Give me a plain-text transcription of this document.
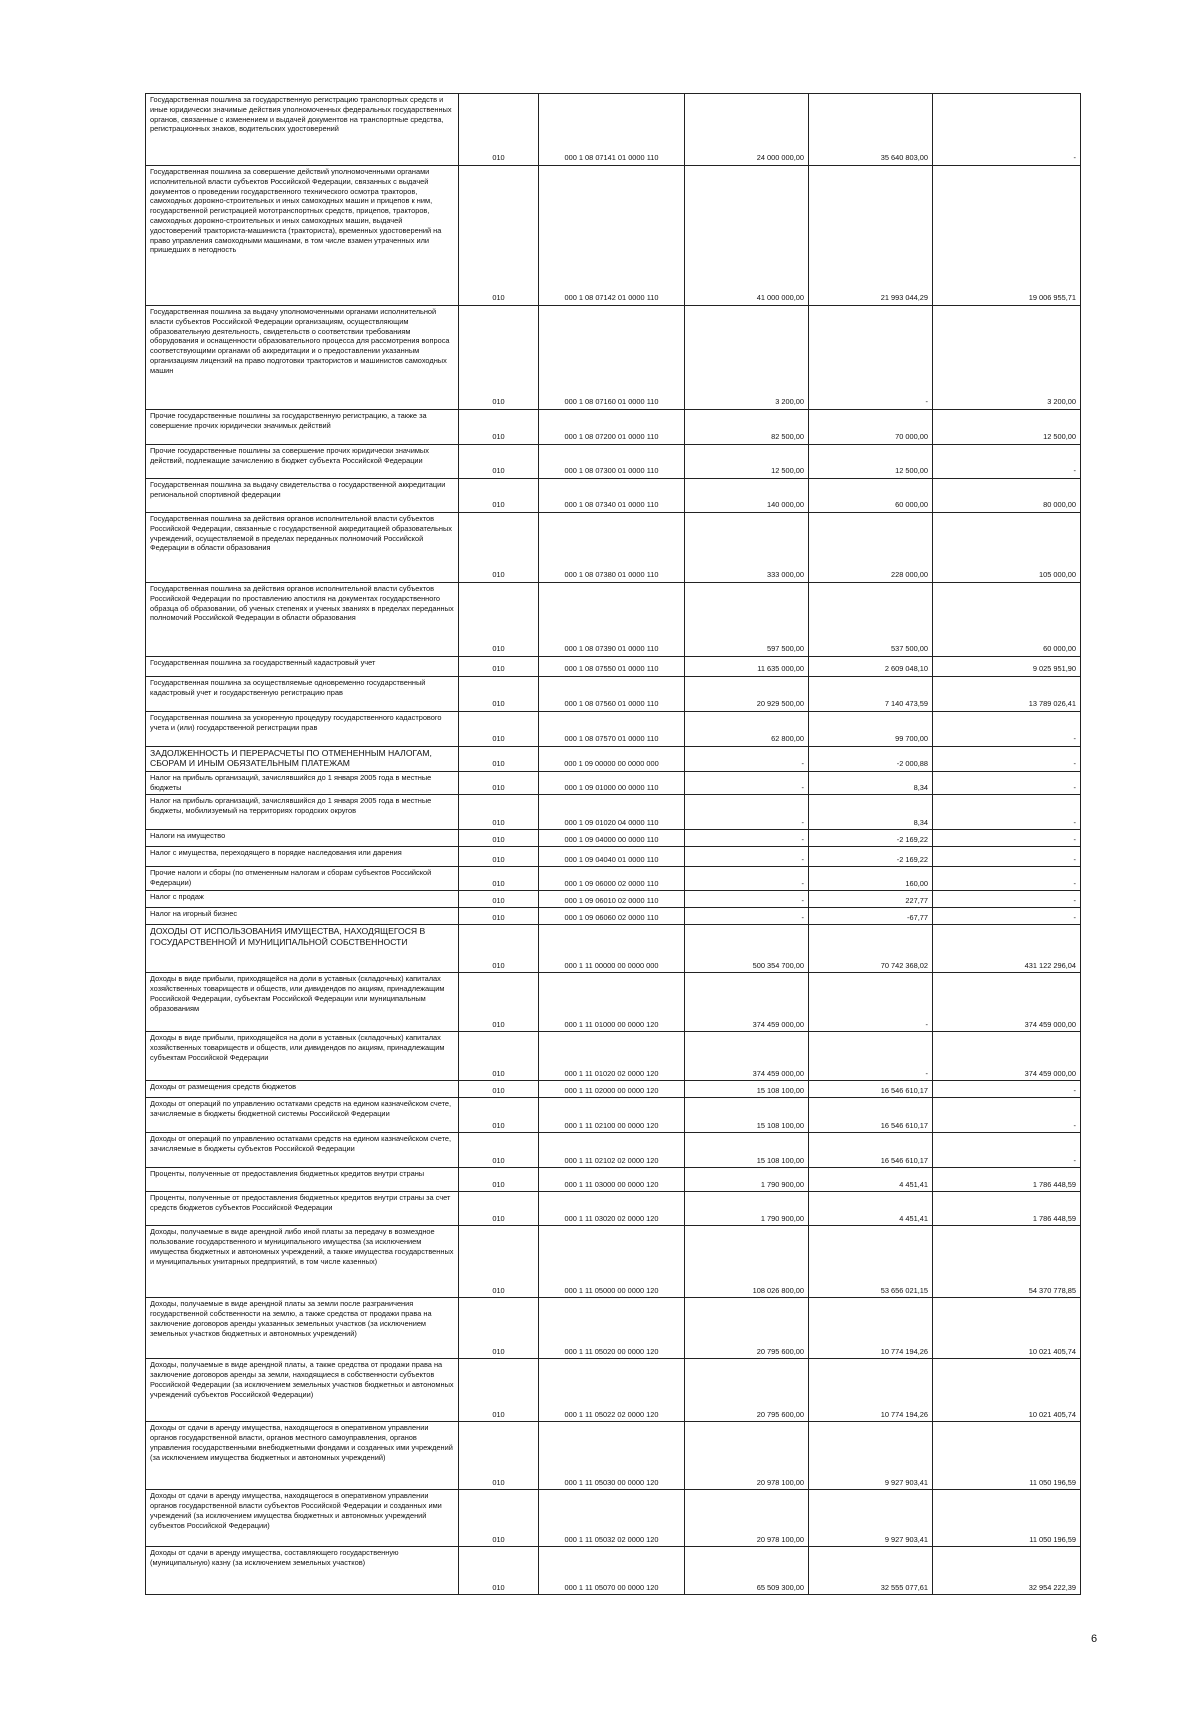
Государственная пошлина за государственную регистрацию транспортных средств и иные юридически значимые действия уполномоченных федеральных государственных органов, связанные с изменением и выдачей документов на транспортные средства, регистрационных знаков, водительских удостоверений	010	000 1 08 07141 01 0000 110	24 000 000,00	35 640 803,00	-
Государственная пошлина за совершение действий уполномоченными органами исполнительной власти субъектов Российской Федерации, связанных с выдачей документов о проведении государственного технического осмотра тракторов, самоходных дорожно-строительных и иных самоходных машин и прицепов к ним, государственной регистрацией мототранспортных средств, прицепов, тракторов, самоходных дорожно-строительных и иных самоходных машин, выдачей удостоверений тракториста-машиниста (тракториста), временных удостоверений на право управления самоходными машинами, в том числе взамен утраченных или пришедших в негодность	010	000 1 08 07142 01 0000 110	41 000 000,00	21 993 044,29	19 006 955,71
Государственная пошлина за выдачу уполномоченными органами исполнительной власти субъектов Российской Федерации организациям, осуществляющим образовательную деятельность, свидетельств о соответствии требованиям оборудования и оснащенности образовательного процесса для рассмотрения вопроса соответствующими органами об аккредитации и о предоставлении указанным организациям лицензий на право подготовки трактористов и машинистов самоходных машин	010	000 1 08 07160 01 0000 110	3 200,00	-	3 200,00
Прочие государственные пошлины за государственную регистрацию, а также за совершение прочих юридически значимых действий	010	000 1 08 07200 01 0000 110	82 500,00	70 000,00	12 500,00
Прочие государственные пошлины за совершение прочих юридически значимых действий, подлежащие зачислению в бюджет субъекта Российской Федерации	010	000 1 08 07300 01 0000 110	12 500,00	12 500,00	-
Государственная пошлина за выдачу свидетельства о государственной аккредитации региональной спортивной федерации	010	000 1 08 07340 01 0000 110	140 000,00	60 000,00	80 000,00
Государственная пошлина за действия органов исполнительной власти субъектов Российской Федерации, связанные с государственной аккредитацией образовательных учреждений, осуществляемой в пределах переданных полномочий Российской Федерации в области образования	010	000 1 08 07380 01 0000 110	333 000,00	228 000,00	105 000,00
Государственная пошлина за действия органов исполнительной власти субъектов Российской Федерации по проставлению апостиля на документах государственного образца об образовании, об ученых степенях и ученых званиях в пределах переданных полномочий Российской Федерации в области образования	010	000 1 08 07390 01 0000 110	597 500,00	537 500,00	60 000,00
Государственная пошлина за государственный кадастровый учет	010	000 1 08 07550 01 0000 110	11 635 000,00	2 609 048,10	9 025 951,90
Государственная пошлина за осуществляемые одновременно государственный кадастровый учет и государственную регистрацию прав	010	000 1 08 07560 01 0000 110	20 929 500,00	7 140 473,59	13 789 026,41
Государственная пошлина за ускоренную процедуру государственного кадастрового учета и (или) государственной регистрации прав	010	000 1 08 07570 01 0000 110	62 800,00	99 700,00	-
ЗАДОЛЖЕННОСТЬ И ПЕРЕРАСЧЕТЫ ПО ОТМЕНЕННЫМ НАЛОГАМ, СБОРАМ И ИНЫМ ОБЯЗАТЕЛЬНЫМ ПЛАТЕЖАМ	010	000 1 09 00000 00 0000 000	-	-2 000,88	-
Налог на прибыль организаций, зачислявшийся до 1 января 2005 года в местные бюджеты	010	000 1 09 01000 00 0000 110	-	8,34	-
Налог на прибыль организаций, зачислявшийся до 1 января 2005 года в местные бюджеты, мобилизуемый на территориях городских округов	010	000 1 09 01020 04 0000 110	-	8,34	-
Налоги на имущество	010	000 1 09 04000 00 0000 110	-	-2 169,22	-
Налог с имущества, переходящего в порядке наследования или дарения	010	000 1 09 04040 01 0000 110	-	-2 169,22	-
Прочие налоги и сборы (по отмененным налогам и сборам субъектов Российской Федерации)	010	000 1 09 06000 02 0000 110	-	160,00	-
Налог с продаж	010	000 1 09 06010 02 0000 110	-	227,77	-
Налог на игорный бизнес	010	000 1 09 06060 02 0000 110	-	-67,77	-
ДОХОДЫ ОТ ИСПОЛЬЗОВАНИЯ ИМУЩЕСТВА, НАХОДЯЩЕГОСЯ В ГОСУДАРСТВЕННОЙ И МУНИЦИПАЛЬНОЙ СОБСТВЕННОСТИ	010	000 1 11 00000 00 0000 000	500 354 700,00	70 742 368,02	431 122 296,04
Доходы в виде прибыли, приходящейся на доли в уставных (складочных) капиталах хозяйственных товариществ и обществ, или дивидендов по акциям, принадлежащим Российской Федерации, субъектам Российской Федерации или муниципальным образованиям	010	000 1 11 01000 00 0000 120	374 459 000,00	-	374 459 000,00
Доходы в виде прибыли, приходящейся на доли в уставных (складочных) капиталах хозяйственных товариществ и обществ, или дивидендов по акциям, принадлежащим субъектам Российской Федерации	010	000 1 11 01020 02 0000 120	374 459 000,00	-	374 459 000,00
Доходы от размещения средств бюджетов	010	000 1 11 02000 00 0000 120	15 108 100,00	16 546 610,17	-
Доходы от операций по управлению остатками средств на едином казначейском счете, зачисляемые в бюджеты бюджетной системы Российской Федерации	010	000 1 11 02100 00 0000 120	15 108 100,00	16 546 610,17	-
Доходы от операций по управлению остатками средств на едином казначейском счете, зачисляемые в бюджеты субъектов Российской Федерации	010	000 1 11 02102 02 0000 120	15 108 100,00	16 546 610,17	-
Проценты, полученные от предоставления бюджетных кредитов внутри страны	010	000 1 11 03000 00 0000 120	1 790 900,00	4 451,41	1 786 448,59
Проценты, полученные от предоставления бюджетных кредитов внутри страны за счет средств бюджетов субъектов Российской Федерации	010	000 1 11 03020 02 0000 120	1 790 900,00	4 451,41	1 786 448,59
Доходы, получаемые в виде арендной либо иной платы за передачу в возмездное пользование государственного и муниципального имущества (за исключением имущества бюджетных и автономных учреждений, а также имущества государственных и муниципальных унитарных предприятий, в том числе казенных)	010	000 1 11 05000 00 0000 120	108 026 800,00	53 656 021,15	54 370 778,85
Доходы, получаемые в виде арендной платы за земли после разграничения государственной собственности на землю, а также средства от продажи права на заключение договоров аренды указанных земельных участков (за исключением земельных участков бюджетных и автономных учреждений)	010	000 1 11 05020 00 0000 120	20 795 600,00	10 774 194,26	10 021 405,74
Доходы, получаемые в виде арендной платы, а также средства от продажи права на заключение договоров аренды за земли, находящиеся в собственности субъектов Российской Федерации (за исключением земельных участков бюджетных и автономных учреждений субъектов Российской Федерации)	010	000 1 11 05022 02 0000 120	20 795 600,00	10 774 194,26	10 021 405,74
Доходы от сдачи в аренду имущества, находящегося в оперативном управлении органов государственной власти, органов местного самоуправления, органов управления государственными внебюджетными фондами и созданных ими учреждений (за исключением имущества бюджетных и автономных учреждений)	010	000 1 11 05030 00 0000 120	20 978 100,00	9 927 903,41	11 050 196,59
Доходы от сдачи в аренду имущества, находящегося в оперативном управлении органов государственной власти субъектов Российской Федерации и созданных ими учреждений (за исключением имущества бюджетных и автономных учреждений субъектов Российской Федерации)	010	000 1 11 05032 02 0000 120	20 978 100,00	9 927 903,41	11 050 196,59
Доходы от сдачи в аренду имущества, составляющего государственную (муниципальную) казну (за исключением земельных участков)	010	000 1 11 05070 00 0000 120	65 509 300,00	32 555 077,61	32 954 222,39
6
